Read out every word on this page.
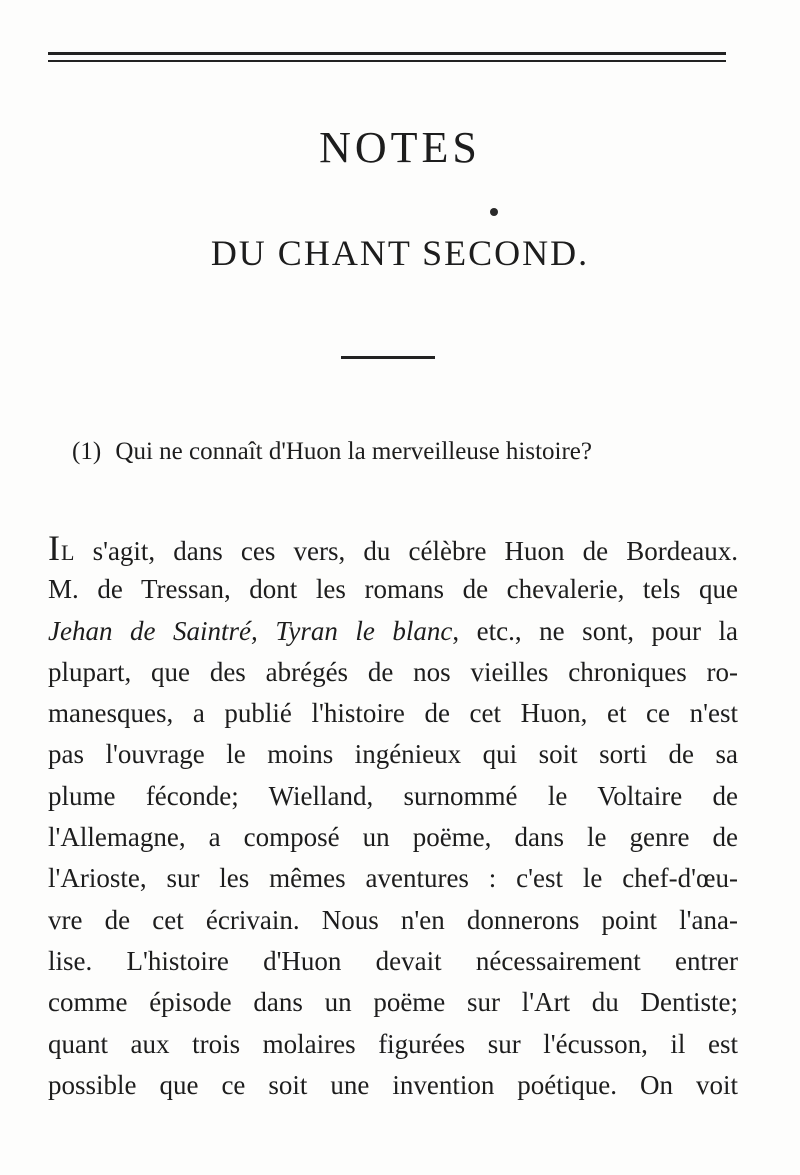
NOTES
DU CHANT SECOND.
(1) Qui ne connaît d'Huon la merveilleuse histoire?
IL s'agit, dans ces vers, du célèbre Huon de Bordeaux.
M. de Tressan, dont les romans de chevalerie, tels que
Jehan de Saintré, Tyran le blanc, etc., ne sont, pour la
plupart, que des abrégés de nos vieilles chroniques ro-
manesques, a publié l'histoire de cet Huon, et ce n'est
pas l'ouvrage le moins ingénieux qui soit sorti de sa
plume féconde; Wielland, surnommé le Voltaire de
l'Allemagne, a composé un poëme, dans le genre de
l'Arioste, sur les mêmes aventures : c'est le chef-d'œu-
vre de cet écrivain. Nous n'en donnerons point l'ana-
lise. L'histoire d'Huon devait nécessairement entrer
comme épisode dans un poëme sur l'Art du Dentiste;
quant aux trois molaires figurées sur l'écusson, il est
possible que ce soit une invention poétique. On voit
